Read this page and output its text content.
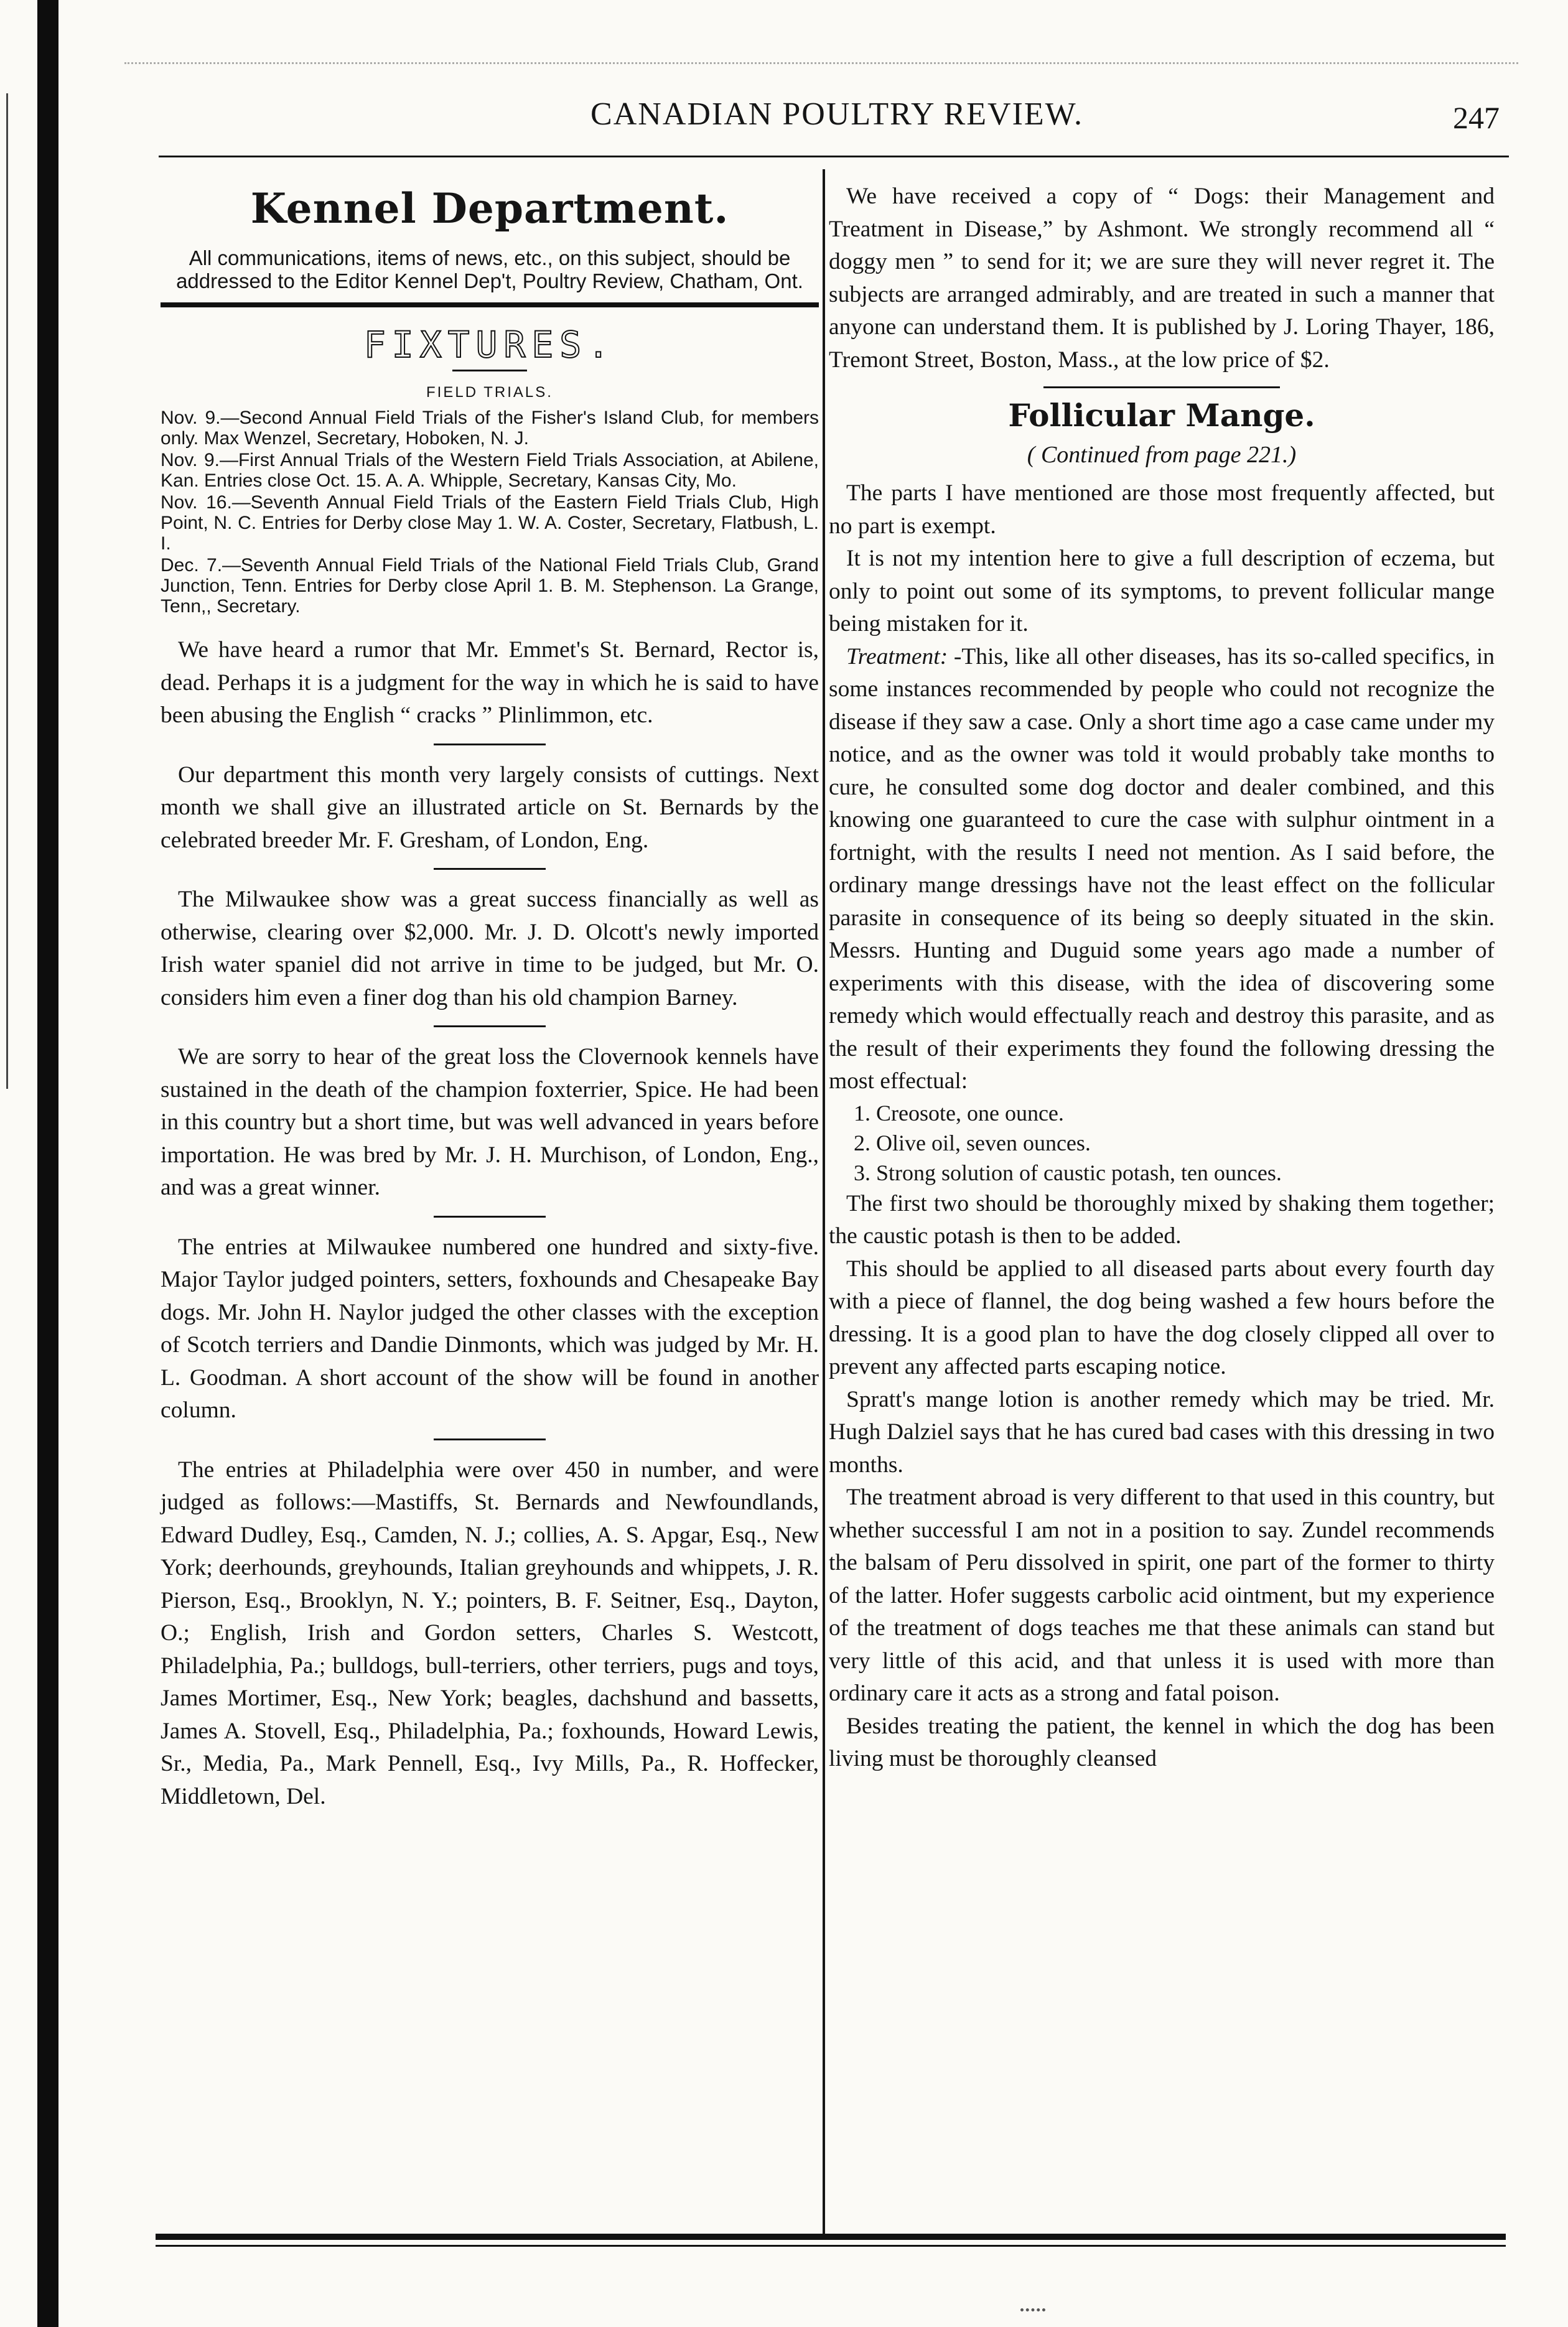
CANADIAN POULTRY REVIEW.	247
Kennel Department.
All communications, items of news, etc., on this subject, should be addressed to the Editor Kennel Dep't, Poultry Review, Chatham, Ont.
FIXTURES.
FIELD TRIALS.

Nov. 9.—Second Annual Field Trials of the Fisher's Island Club, for members only. Max Wenzel, Secretary, Hoboken, N. J.

Nov. 9.—First Annual Trials of the Western Field Trials Association, at Abilene, Kan. Entries close Oct. 15. A. A. Whipple, Secretary, Kansas City, Mo.

Nov. 16.—Seventh Annual Field Trials of the Eastern Field Trials Club, High Point, N. C. Entries for Derby close May 1. W. A. Coster, Secretary, Flatbush, L. I.

Dec. 7.—Seventh Annual Field Trials of the National Field Trials Club, Grand Junction, Tenn. Entries for Derby close April 1. B. M. Stephenson. La Grange, Tenn,, Secretary.

We have heard a rumor that Mr. Emmet's St. Bernard, Rector is, dead. Perhaps it is a judgment for the way in which he is said to have been abusing the English “ cracks ” Plinlimmon, etc.

Our department this month very largely consists of cuttings. Next month we shall give an illustrated article on St. Bernards by the celebrated breeder Mr. F. Gresham, of London, Eng.

The Milwaukee show was a great success financially as well as otherwise, clearing over $2,000. Mr. J. D. Olcott's newly imported Irish water spaniel did not arrive in time to be judged, but Mr. O. considers him even a finer dog than his old champion Barney.

We are sorry to hear of the great loss the Clovernook kennels have sustained in the death of the champion foxterrier, Spice. He had been in this country but a short time, but was well advanced in years before importation. He was bred by Mr. J. H. Murchison, of London, Eng., and was a great winner.

The entries at Milwaukee numbered one hundred and sixty-five. Major Taylor judged pointers, setters, foxhounds and Chesapeake Bay dogs. Mr. John H. Naylor judged the other classes with the exception of Scotch terriers and Dandie Dinmonts, which was judged by Mr. H. L. Goodman. A short account of the show will be found in another column.

The entries at Philadelphia were over 450 in number, and were judged as follows:—Mastiffs, St. Bernards and Newfoundlands, Edward Dudley, Esq., Camden, N. J.; collies, A. S. Apgar, Esq., New York; deerhounds, greyhounds, Italian greyhounds and whippets, J. R. Pierson, Esq., Brooklyn, N. Y.; pointers, B. F. Seitner, Esq., Dayton, O.; English, Irish and Gordon setters, Charles S. Westcott, Philadelphia, Pa.; bulldogs, bull-terriers, other terriers, pugs and toys, James Mortimer, Esq., New York; beagles, dachshund and bassetts, James A. Stovell, Esq., Philadelphia, Pa.; foxhounds, Howard Lewis, Sr., Media, Pa., Mark Pennell, Esq., Ivy Mills, Pa., R. Hoffecker, Middletown, Del.

We have received a copy of “ Dogs: their Management and Treatment in Disease,” by Ashmont. We strongly recommend all “ doggy men ” to send for it; we are sure they will never regret it. The subjects are arranged admirably, and are treated in such a manner that anyone can understand them. It is published by J. Loring Thayer, 186, Tremont Street, Boston, Mass., at the low price of $2.

Follicular Mange.
( Continued from page 221.)

The parts I have mentioned are those most frequently affected, but no part is exempt.

It is not my intention here to give a full description of eczema, but only to point out some of its symptoms, to prevent follicular mange being mistaken for it.

Treatment: -This, like all other diseases, has its so-called specifics, in some instances recommended by people who could not recognize the disease if they saw a case. Only a short time ago a case came under my notice, and as the owner was told it would probably take months to cure, he consulted some dog doctor and dealer combined, and this knowing one guaranteed to cure the case with sulphur ointment in a fortnight, with the results I need not mention. As I said before, the ordinary mange dressings have not the least effect on the follicular parasite in consequence of its being so deeply situated in the skin. Messrs. Hunting and Duguid some years ago made a number of experiments with this disease, with the idea of discovering some remedy which would effectually reach and destroy this parasite, and as the result of their experiments they found the following dressing the most effectual:

1. Creosote, one ounce.
2. Olive oil, seven ounces.
3. Strong solution of caustic potash, ten ounces.

The first two should be thoroughly mixed by shaking them together; the caustic potash is then to be added.

This should be applied to all diseased parts about every fourth day with a piece of flannel, the dog being washed a few hours before the dressing. It is a good plan to have the dog closely clipped all over to prevent any affected parts escaping notice.

Spratt's mange lotion is another remedy which may be tried. Mr. Hugh Dalziel says that he has cured bad cases with this dressing in two months.

The treatment abroad is very different to that used in this country, but whether successful I am not in a position to say. Zundel recommends the balsam of Peru dissolved in spirit, one part of the former to thirty of the latter. Hofer suggests carbolic acid ointment, but my experience of the treatment of dogs teaches me that these animals can stand but very little of this acid, and that unless it is used with more than ordinary care it acts as a strong and fatal poison.

Besides treating the patient, the kennel in which the dog has been living must be thoroughly cleansed
